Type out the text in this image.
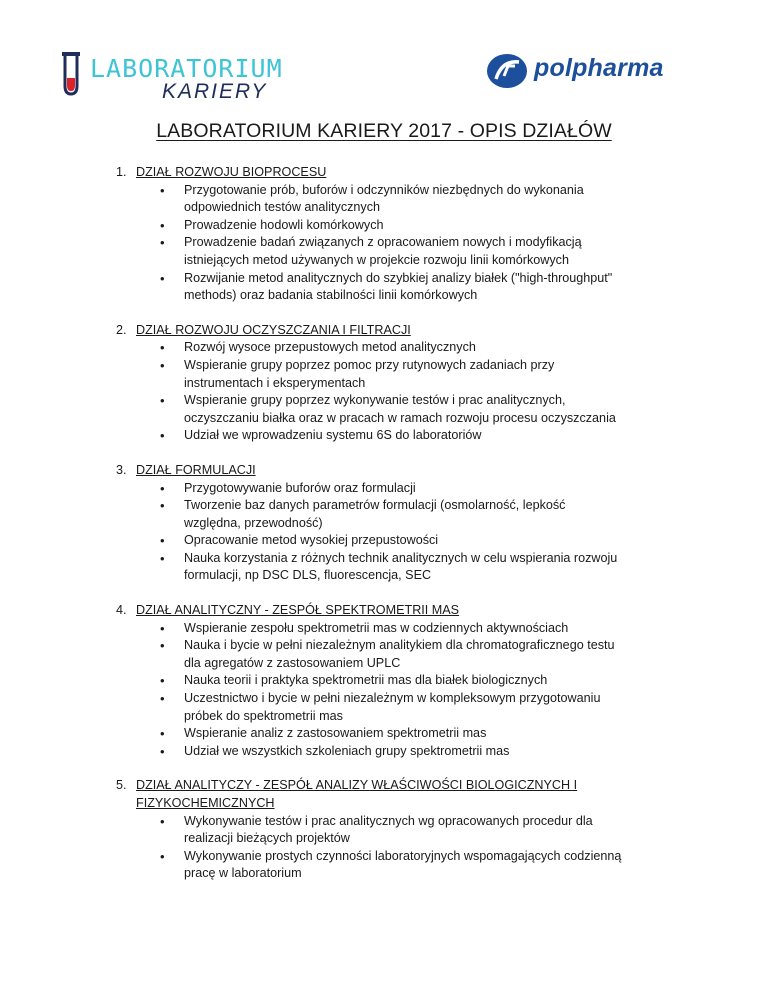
LABORATORIUM
KARIERY
polpharma
LABORATORIUM KARIERY 2017 - OPIS DZIAŁÓW
1. DZIAŁ ROZWOJU BIOPROCESU
• Przygotowanie prób, buforów i odczynników niezbędnych do wykonania
odpowiednich testów analitycznych
• Prowadzenie hodowli komórkowych
• Prowadzenie badań związanych z opracowaniem nowych i modyfikacją
istniejących metod używanych w projekcie rozwoju linii komórkowych
• Rozwijanie metod analitycznych do szybkiej analizy białek ("high-throughput"
methods) oraz badania stabilności linii komórkowych
2. DZIAŁ ROZWOJU OCZYSZCZANIA I FILTRACJI
• Rozwój wysoce przepustowych metod analitycznych
• Wspieranie grupy poprzez pomoc przy rutynowych zadaniach przy
instrumentach i eksperymentach
• Wspieranie grupy poprzez wykonywanie testów i prac analitycznych,
oczyszczaniu białka oraz w pracach w ramach rozwoju procesu oczyszczania
• Udział we wprowadzeniu systemu 6S do laboratoriów
3. DZIAŁ FORMULACJI
• Przygotowywanie buforów oraz formulacji
• Tworzenie baz danych parametrów formulacji (osmolarność, lepkość
względna, przewodność)
• Opracowanie metod wysokiej przepustowości
• Nauka korzystania z różnych technik analitycznych w celu wspierania rozwoju
formulacji, np DSC DLS, fluorescencja, SEC
4. DZIAŁ ANALITYCZNY - ZESPÓŁ SPEKTROMETRII MAS
• Wspieranie zespołu spektrometrii mas w codziennych aktywnościach
• Nauka i bycie w pełni niezależnym analitykiem dla chromatograficznego testu
dla agregatów z zastosowaniem UPLC
• Nauka teorii i praktyka spektrometrii mas dla białek biologicznych
• Uczestnictwo i bycie w pełni niezależnym w kompleksowym przygotowaniu
próbek do spektrometrii mas
• Wspieranie analiz z zastosowaniem spektrometrii mas
• Udział we wszystkich szkoleniach grupy spektrometrii mas
5. DZIAŁ ANALITYCZY - ZESPÓŁ ANALIZY WŁAŚCIWOŚCI BIOLOGICZNYCH I
FIZYKOCHEMICZNYCH
• Wykonywanie testów i prac analitycznych wg opracowanych procedur dla
realizacji bieżących projektów
• Wykonywanie prostych czynności laboratoryjnych wspomagających codzienną
pracę w laboratorium
